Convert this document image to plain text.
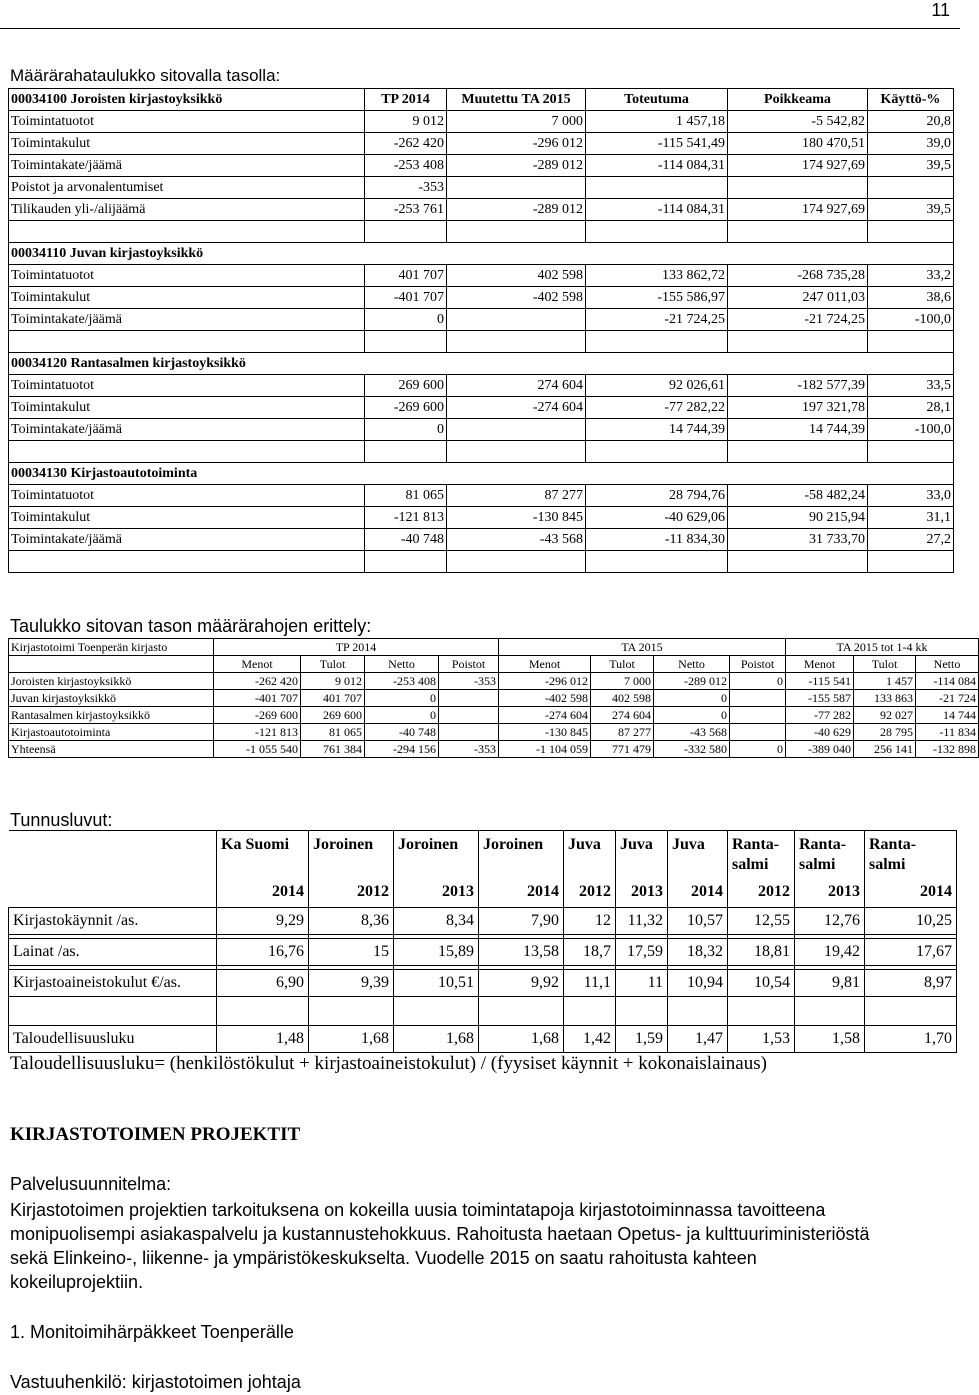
11
Määrärahataulukko sitovalla tasolla:
00034100 Joroisten kirjastoyksikkö	TP 2014	Muutettu TA 2015	Toteutuma	Poikkeama	Käyttö-%
Toimintatuotot	9 012	7 000	1 457,18	-5 542,82	20,8
Toimintakulut	-262 420	-296 012	-115 541,49	180 470,51	39,0
Toimintakate/jäämä	-253 408	-289 012	-114 084,31	174 927,69	39,5
Poistot ja arvonalentumiset	-353				
Tilikauden yli-/alijäämä	-253 761	-289 012	-114 084,31	174 927,69	39,5

00034110 Juvan kirjastoyksikkö					
Toimintatuotot	401 707	402 598	133 862,72	-268 735,28	33,2
Toimintakulut	-401 707	-402 598	-155 586,97	247 011,03	38,6
Toimintakate/jäämä	0		-21 724,25	-21 724,25	-100,0

00034120 Rantasalmen kirjastoyksikkö					
Toimintatuotot	269 600	274 604	92 026,61	-182 577,39	33,5
Toimintakulut	-269 600	-274 604	-77 282,22	197 321,78	28,1
Toimintakate/jäämä	0		14 744,39	14 744,39	-100,0

00034130 Kirjastoautotoiminta					
Toimintatuotot	81 065	87 277	28 794,76	-58 482,24	33,0
Toimintakulut	-121 813	-130 845	-40 629,06	90 215,94	31,1
Toimintakate/jäämä	-40 748	-43 568	-11 834,30	31 733,70	27,2

Taulukko sitovan tason määrärahojen erittely:
Kirjastotoimi Toenperän kirjasto	TP 2014				TA 2015				TA 2015 tot 1-4 kk		
	Menot	Tulot	Netto	Poistot	Menot	Tulot	Netto	Poistot	Menot	Tulot	Netto
Joroisten kirjastoyksikkö	-262 420	9 012	-253 408	-353	-296 012	7 000	-289 012	0	-115 541	1 457	-114 084
Juvan kirjastoyksikkö	-401 707	401 707	0		-402 598	402 598	0		-155 587	133 863	-21 724
Rantasalmen kirjastoyksikkö	-269 600	269 600	0		-274 604	274 604	0		-77 282	92 027	14 744
Kirjastoautotoiminta	-121 813	81 065	-40 748		-130 845	87 277	-43 568		-40 629	28 795	-11 834
Yhteensä	-1 055 540	761 384	-294 156	-353	-1 104 059	771 479	-332 580	0	-389 040	256 141	-132 898
Tunnusluvut:
	Ka Suomi	Joroinen	Joroinen	Joroinen	Juva	Juva	Juva	Ranta-salmi	Ranta-salmi	Ranta-salmi
	2014	2012	2013	2014	2012	2013	2014	2012	2013	2014
Kirjastokäynnit /as.	9,29	8,36	8,34	7,90	12	11,32	10,57	12,55	12,76	10,25

Lainat /as.	16,76	15	15,89	13,58	18,7	17,59	18,32	18,81	19,42	17,67

Kirjastoaineistokulut €/as.	6,90	9,39	10,51	9,92	11,1	11	10,94	10,54	9,81	8,97

Taloudellisuusluku	1,48	1,68	1,68	1,68	1,42	1,59	1,47	1,53	1,58	1,70
Taloudellisuusluku= (henkilöstökulut + kirjastoaineistokulut) / (fyysiset käynnit + kokonaislainaus)
KIRJASTOTOIMEN PROJEKTIT
Palvelusuunnitelma:
Kirjastotoimen projektien tarkoituksena on kokeilla uusia toimintatapoja kirjastotoiminnassa tavoitteena
monipuolisempi asiakaspalvelu ja kustannustehokkuus. Rahoitusta haetaan Opetus- ja kulttuuriministeriöstä
sekä Elinkeino-, liikenne- ja ympäristökeskukselta. Vuodelle 2015 on saatu rahoitusta kahteen
kokeiluprojektiin.
1. Monitoimihärpäkkeet Toenperälle
Vastuuhenkilö: kirjastotoimen johtaja
